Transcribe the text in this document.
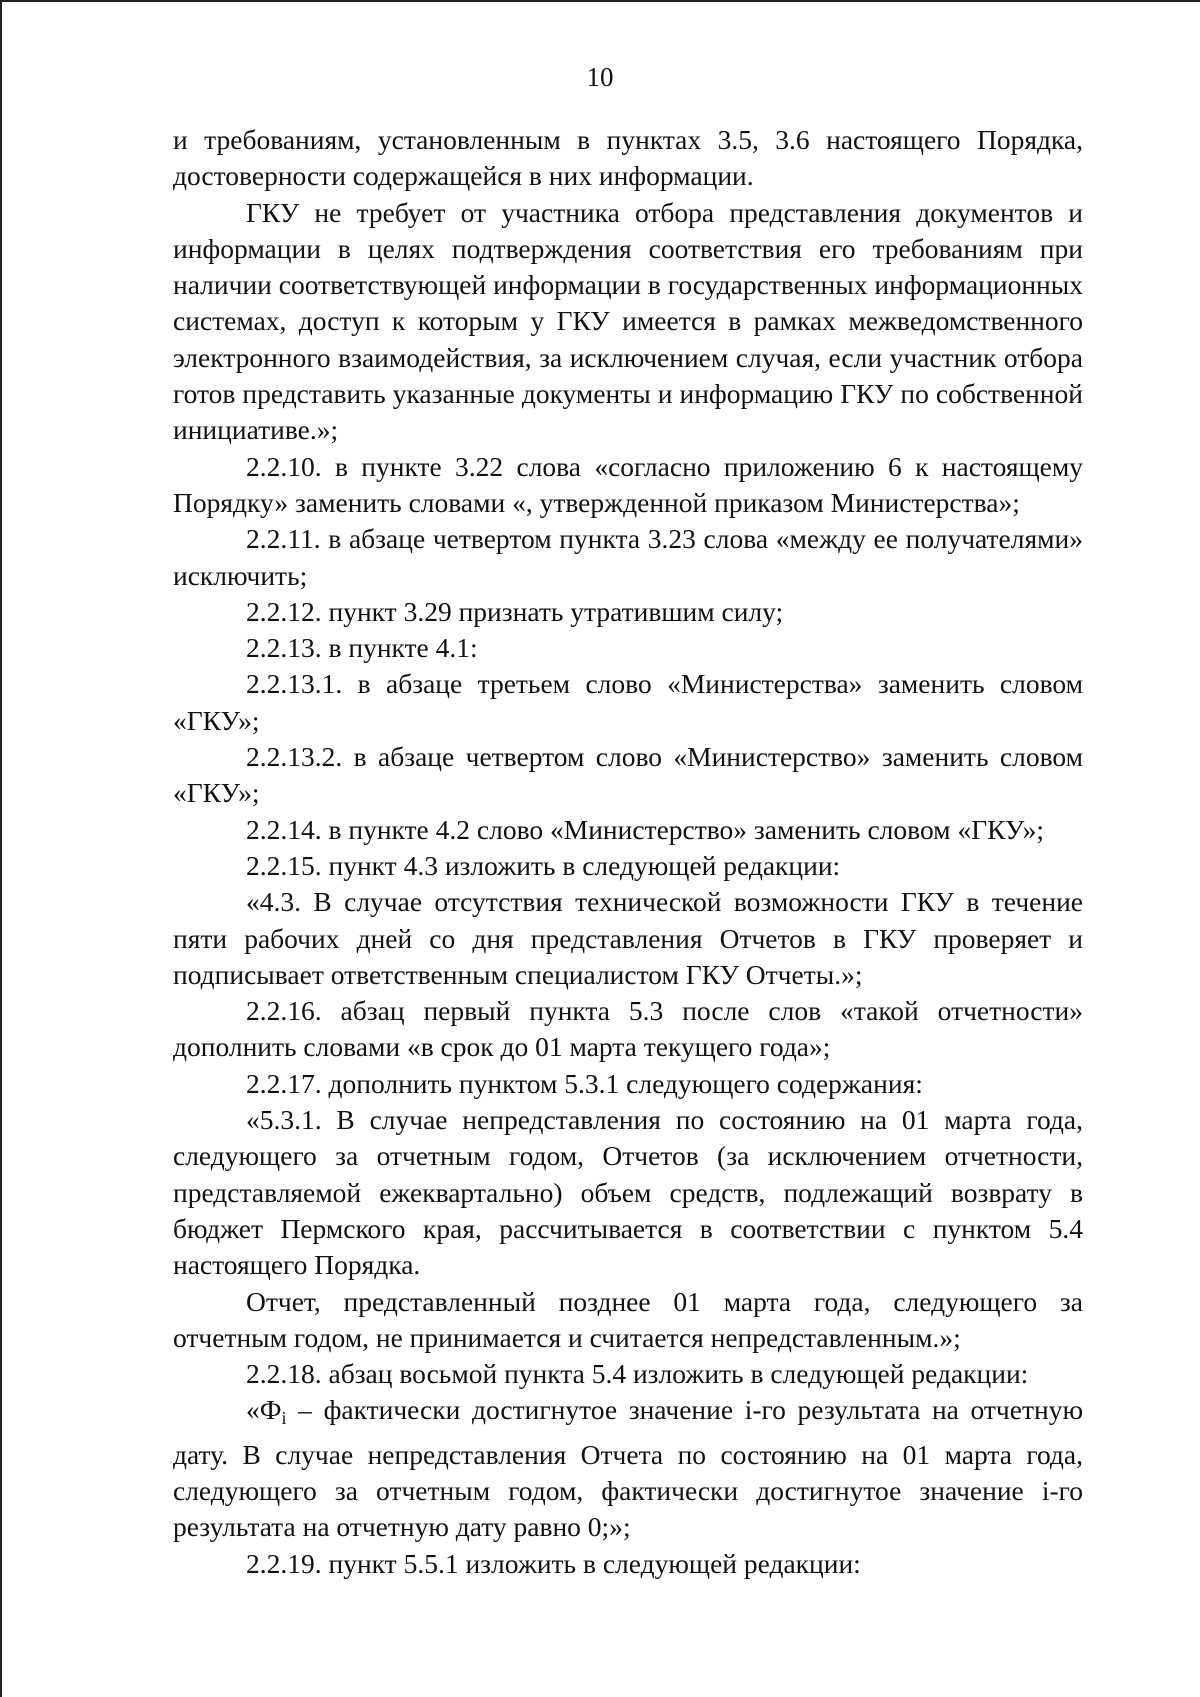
10

и требованиям, установленным в пунктах 3.5, 3.6 настоящего Порядка, достоверности содержащейся в них информации.

ГКУ не требует от участника отбора представления документов и информации в целях подтверждения соответствия его требованиям при наличии соответствующей информации в государственных информационных системах, доступ к которым у ГКУ имеется в рамках межведомственного электронного взаимодействия, за исключением случая, если участник отбора готов представить указанные документы и информацию ГКУ по собственной инициативе.»;

2.2.10. в пункте 3.22 слова «согласно приложению 6 к настоящему Порядку» заменить словами «, утвержденной приказом Министерства»;

2.2.11. в абзаце четвертом пункта 3.23 слова «между ее получателями» исключить;

2.2.12. пункт 3.29 признать утратившим силу;

2.2.13. в пункте 4.1:

2.2.13.1. в абзаце третьем слово «Министерства» заменить словом «ГКУ»;

2.2.13.2. в абзаце четвертом слово «Министерство» заменить словом «ГКУ»;

2.2.14. в пункте 4.2 слово «Министерство» заменить словом «ГКУ»;

2.2.15. пункт 4.3 изложить в следующей редакции:

«4.3. В случае отсутствия технической возможности ГКУ в течение пяти рабочих дней со дня представления Отчетов в ГКУ проверяет и подписывает ответственным специалистом ГКУ Отчеты.»;

2.2.16. абзац первый пункта 5.3 после слов «такой отчетности» дополнить словами «в срок до 01 марта текущего года»;

2.2.17. дополнить пунктом 5.3.1 следующего содержания:

«5.3.1. В случае непредставления по состоянию на 01 марта года, следующего за отчетным годом, Отчетов (за исключением отчетности, представляемой ежеквартально) объем средств, подлежащий возврату в бюджет Пермского края, рассчитывается в соответствии с пунктом 5.4 настоящего Порядка.

Отчет, представленный позднее 01 марта года, следующего за отчетным годом, не принимается и считается непредставленным.»;

2.2.18. абзац восьмой пункта 5.4 изложить в следующей редакции:

«$Ф_i$ – фактически достигнутое значение i-го результата на отчетную дату. В случае непредставления Отчета по состоянию на 01 марта года, следующего за отчетным годом, фактически достигнутое значение i-го результата на отчетную дату равно 0;»;

2.2.19. пункт 5.5.1 изложить в следующей редакции:
